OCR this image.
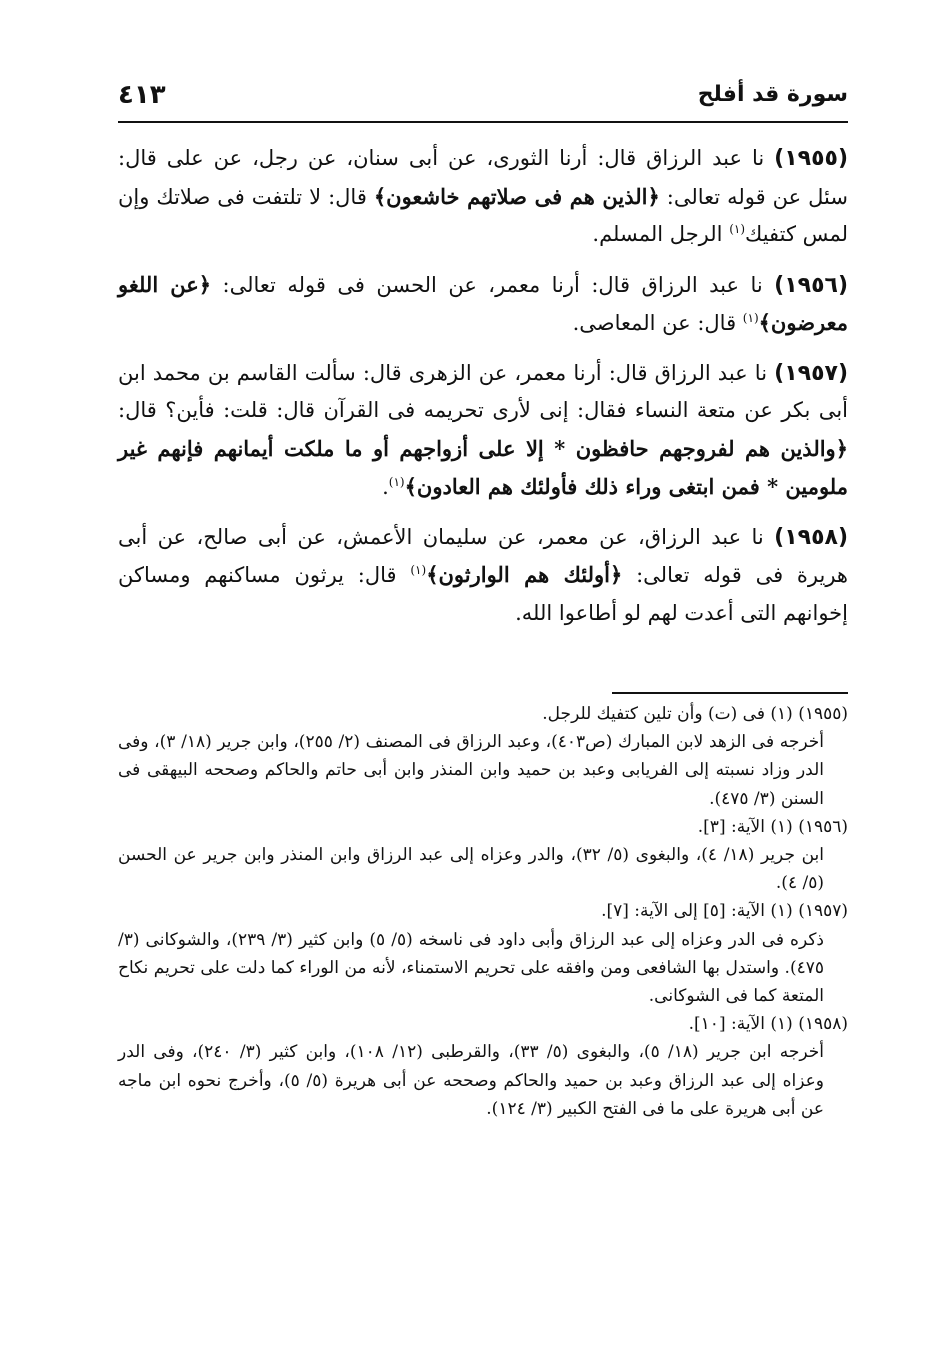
سورة قد أفلح
٤١٣

(١٩٥٥) نا عبد الرزاق قال: أرنا الثورى، عن أبى سنان، عن رجل، عن على قال: سئل عن قوله تعالى: ﴿الذين هم فى صلاتهم خاشعون﴾ قال: لا تلتفت فى صلاتك وإن لمس كتفيك$^{(١)}$ الرجل المسلم.

(١٩٥٦) نا عبد الرزاق قال: أرنا معمر، عن الحسن فى قوله تعالى: ﴿عن اللغو معرضون﴾$^{(١)}$ قال: عن المعاصى.

(١٩٥٧) نا عبد الرزاق قال: أرنا معمر، عن الزهرى قال: سألت القاسم بن محمد ابن أبى بكر عن متعة النساء فقال: إنى لأرى تحريمه فى القرآن قال: قلت: فأين؟ قال: ﴿والذين هم لفروجهم حافظون * إلا على أزواجهم أو ما ملكت أيمانهم فإنهم غير ملومين * فمن ابتغى وراء ذلك فأولئك هم العادون﴾$^{(١)}$.

(١٩٥٨) نا عبد الرزاق، عن معمر، عن سليمان الأعمش، عن أبى صالح، عن أبى هريرة فى قوله تعالى: ﴿أولئك هم الوارثون﴾$^{(١)}$ قال: يرثون مساكنهم ومساكن إخوانهم التى أعدت لهم لو أطاعوا الله.

(١٩٥٥) (١) فى (ت) وأن تلين كتفيك للرجل.

أخرجه فى الزهد لابن المبارك (ص٤٠٣)، وعبد الرزاق فى المصنف (٢/ ٢٥٥)، وابن جرير (١٨/ ٣)، وفى الدر وزاد نسبته إلى الفريابى وعبد بن حميد وابن المنذر وابن أبى حاتم والحاكم وصححه البيهقى فى السنن (٣/ ٤٧٥).

(١٩٥٦) (١) الآية: [٣].

ابن جرير (١٨/ ٤)، والبغوى (٥/ ٣٢)، والدر وعزاه إلى عبد الرزاق وابن المنذر وابن جرير عن الحسن (٥/ ٤).

(١٩٥٧) (١) الآية: [٥] إلى الآية: [٧].

ذكره فى الدر وعزاه إلى عبد الرزاق وأبى داود فى ناسخه (٥/ ٥) وابن كثير (٣/ ٢٣٩)، والشوكانى (٣/ ٤٧٥). واستدل بها الشافعى ومن وافقه على تحريم الاستمناء، لأنه من الوراء كما دلت على تحريم نكاح المتعة كما فى الشوكانى.

(١٩٥٨) (١) الآية: [١٠].

أخرجه ابن جرير (١٨/ ٥)، والبغوى (٥/ ٣٣)، والقرطبى (١٢/ ١٠٨)، وابن كثير (٣/ ٢٤٠)، وفى الدر وعزاه إلى عبد الرزاق وعبد بن حميد والحاكم وصححه عن أبى هريرة (٥/ ٥)، وأخرج نحوه ابن ماجه عن أبى هريرة على ما فى الفتح الكبير (٣/ ١٢٤).
